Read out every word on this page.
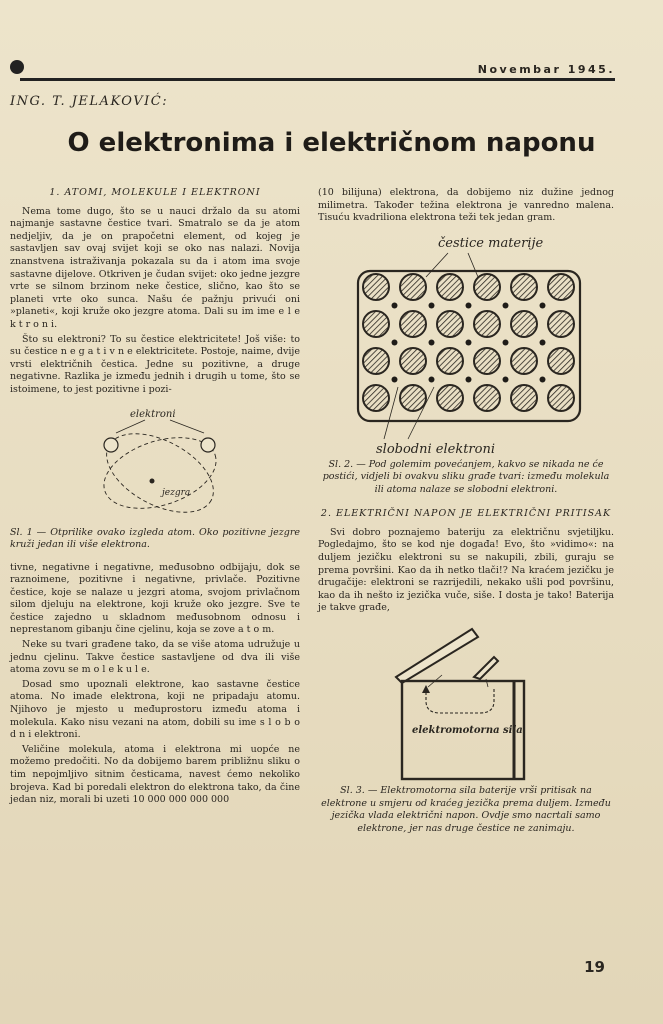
Novembar 1945.
ING. T. JELAKOVIĆ:
O elektronima i električnom naponu

1. ATOMI, MOLEKULE I ELEKTRONI

Nema tome dugo, što se u nauci držalo da su atomi najmanje sastavne čestice tvari. Smatralo se da je atom nedjeljiv, da je on prapočetni element, od kojeg je sastavljen sav ovaj svijet koji se oko nas nalazi. Novija znanstvena istraživanja pokazala su da i atom ima svoje sastavne dijelove. Otkriven je čudan svijet: oko jedne jezgre vrte se silnom brzinom neke čestice, slično, kao što se planeti vrte oko sunca. Našu će pažnju privući oni »planeti«, koji kruže oko jezgre atoma. Dali su im ime e l e k t r o n i.

Što su elektroni? To su čestice elektricitete! Još više: to su čestice n e g a t i v n e elektricitete. Postoje, naime, dvije vrsti električnih čestica. Jedne su pozitivne, a druge negativne. Razlika je između jednih i drugih u tome, što se istoimene, to jest pozitivne i pozi-

elektroni
jezgra

Sl. 1 — Otprilike ovako izgleda atom. Oko pozitivne jezgre kruži jedan ili više elektrona.

tivne, negativne i negativne, međusobno odbijaju, dok se raznoimene, pozitivne i negativne, privlače. Pozitivne čestice, koje se nalaze u jezgri atoma, svojom privlačnom silom djeluju na elektrone, koji kruže oko jezgre. Sve te čestice zajedno u skladnom međusobnom odnosu i neprestanom gibanju čine cjelinu, koja se zove a t o m.

Neke su tvari građene tako, da se više atoma udružuje u jednu cjelinu. Takve čestice sastavljene od dva ili više atoma zovu se m o l e k u l e.

Dosad smo upoznali elektrone, kao sastavne čestice atoma. No imade elektrona, koji ne pripadaju atomu. Njihovo je mjesto u međuprostoru između atoma i molekula. Kako nisu vezani na atom, dobili su ime s l o b o d n i elektroni.

Veličine molekula, atoma i elektrona mi uopće ne možemo predočiti. No da dobijemo barem približnu sliku o tim nepojmljivo sitnim česticama, navest ćemo nekoliko brojeva. Kad bi poredali elektron do elektrona tako, da čine jedan niz, morali bi uzeti 10 000 000 000 000

(10 bilijuna) elektrona, da dobijemo niz dužine jednog milimetra. Također težina elektrona je vanredno malena. Tisuću kvadriliona elektrona teži tek jedan gram.

čestice materije
slobodni elektroni

Sl. 2. — Pod golemim povećanjem, kakvo se nikada ne će postići, vidjeli bi ovakvu sliku građe tvari: između molekula ili atoma nalaze se slobodni elektroni.

2. ELEKTRIČNI NAPON JE ELEKTRIČNI PRITISAK

Svi dobro poznajemo bateriju za električnu svjetiljku. Pogledajmo, što se kod nje događa! Evo, što »vidimo«: na duljem jezičku elektroni su se nakupili, zbili, guraju se prema površini. Kao da ih netko tlači!? Na kraćem jezičku je drugačije: elektroni se razrijedili, nekako ušli pod površinu, kao da ih nešto iz jezička vuče, siše. I dosta je tako! Baterija je takve građe,

elektromotorna sila

Sl. 3. — Elektromotorna sila baterije vrši pritisak na elektrone u smjeru od kraćeg jezička prema duljem. Između jezička vlada električni napon. Ovdje smo nacrtali samo elektrone, jer nas druge čestice ne zanimaju.

19
